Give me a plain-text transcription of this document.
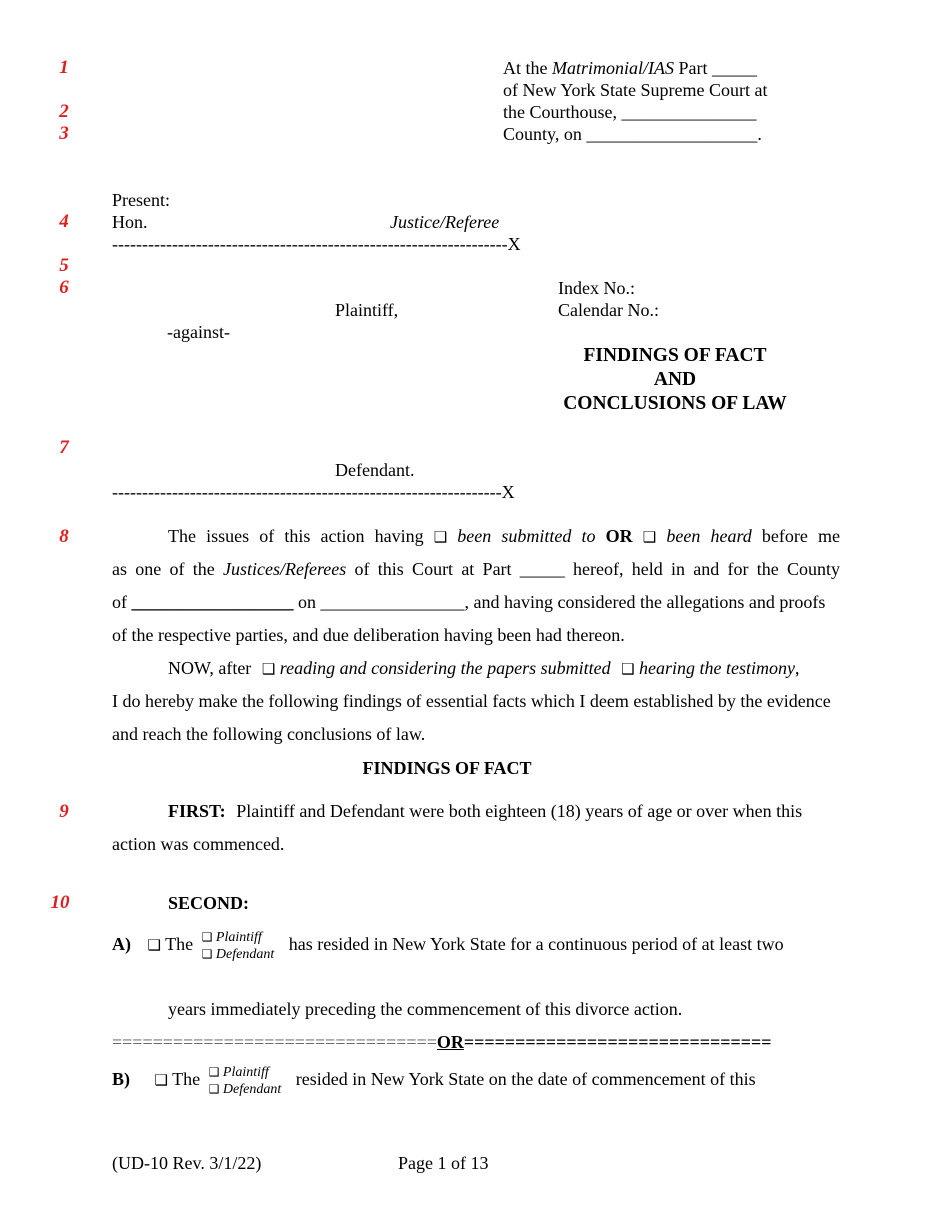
1
2
3
4
5
6
7
8
9
10
At the Matrimonial/IAS Part _____
of New York State Supreme Court at
the Courthouse, _______________
County, on ___________________.
Present:
Hon.	Justice/Referee
------------------------------------------------------------------X
Index No.:
Plaintiff,	Calendar No.:
-against-
FINDINGS OF FACT
AND
CONCLUSIONS OF LAW
Defendant.
-----------------------------------------------------------------X
The issues of this action having ❑ been submitted to OR ❑ been heard before me
as one of the Justices/Referees of this Court at Part _____ hereof, held in and for the County
of __________________ on ________________, and having considered the allegations and proofs
of the respective parties, and due deliberation having been had thereon.
NOW, after ❑ reading and considering the papers submitted ❑ hearing the testimony,
I do hereby make the following findings of essential facts which I deem established by the evidence
and reach the following conclusions of law.
FINDINGS OF FACT
FIRST: Plaintiff and Defendant were both eighteen (18) years of age or over when this
action was commenced.
SECOND:
A) ❑ The ❑ Plaintiff
❑ Defendant
has resided in New York State for a continuous period of at least two
years immediately preceding the commencement of this divorce action.
================================OR==============================
B) ❑ The ❑ Plaintiff
❑ Defendant
resided in New York State on the date of commencement of this
(UD-10 Rev. 3/1/22)	Page 1 of 13
